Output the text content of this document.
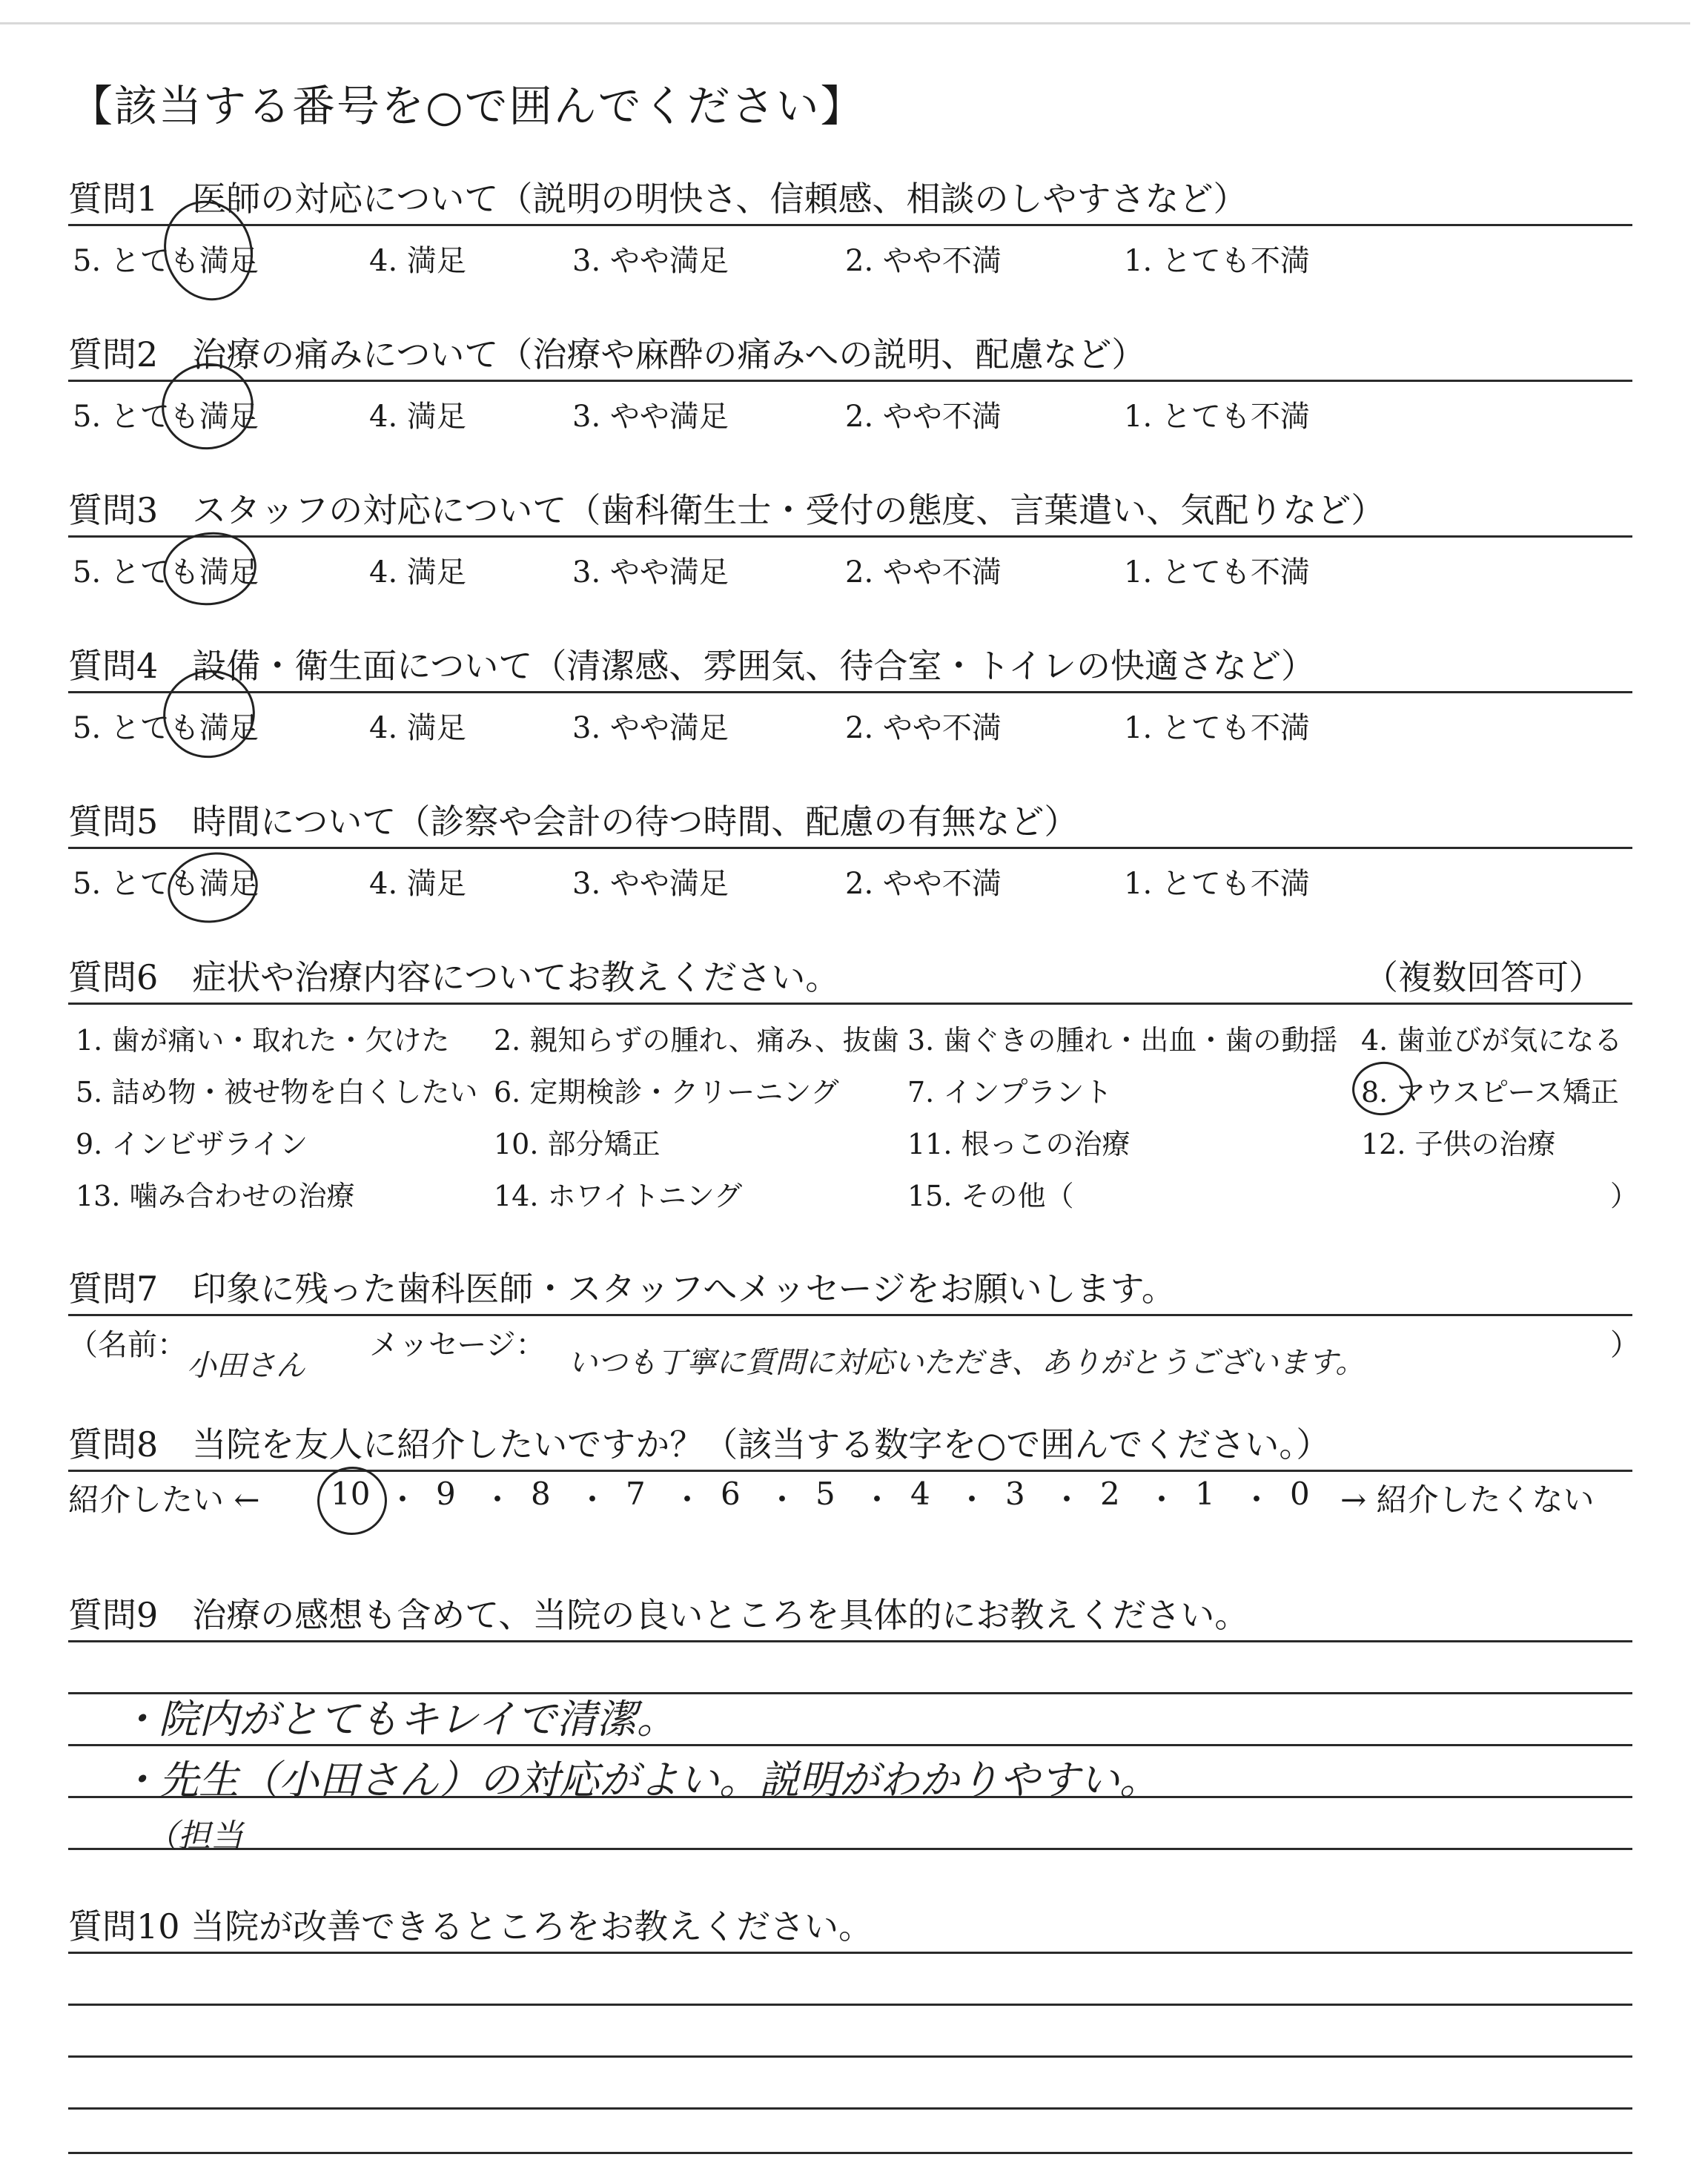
【該当する番号を○で囲んでください】
質問1　医師の対応について（説明の明快さ、信頼感、相談のしやすさなど）
5. とても満足	4. 満足	3. やや満足	2. やや不満	1. とても不満
質問2　治療の痛みについて（治療や麻酔の痛みへの説明、配慮など）
5. とても満足	4. 満足	3. やや満足	2. やや不満	1. とても不満
質問3　スタッフの対応について（歯科衛生士・受付の態度、言葉遣い、気配りなど）
5. とても満足	4. 満足	3. やや満足	2. やや不満	1. とても不満
質問4　設備・衛生面について（清潔感、雰囲気、待合室・トイレの快適さなど）
5. とても満足	4. 満足	3. やや満足	2. やや不満	1. とても不満
質問5　時間について（診察や会計の待つ時間、配慮の有無など）
5. とても満足	4. 満足	3. やや満足	2. やや不満	1. とても不満
質問6　症状や治療内容についてお教えください。	（複数回答可）
1. 歯が痛い・取れた・欠けた 2. 親知らずの腫れ、痛み、抜歯 3. 歯ぐきの腫れ・出血・歯の動揺 4. 歯並びが気になる
5. 詰め物・被せ物を白くしたい 6. 定期検診・クリーニング 7. インプラント	8. マウスピース矯正
9. インビザライン	10. 部分矯正	11. 根っこの治療	12. 子供の治療
13. 噛み合わせの治療	14. ホワイトニング	15. その他（	）
質問7　印象に残った歯科医師・スタッフへメッセージをお願いします。
（名前：
小田さん
メッセージ：
いつも丁寧に質問に対応いただき、ありがとうございます。
）
質問8　当院を友人に紹介したいですか？（該当する数字を○で囲んでください。）
紹介したい ← 10 ・ 9 ・ 8 ・ 7 ・ 6 ・ 5 ・ 4 ・ 3 ・ 2 ・ 1 ・ 0 → 紹介したくない
質問9　治療の感想も含めて、当院の良いところを具体的にお教えください。
・院内がとてもキレイで清潔。
・先生（小田さん）の対応がよい。説明がわかりやすい。
（担当
質問10 当院が改善できるところをお教えください。
